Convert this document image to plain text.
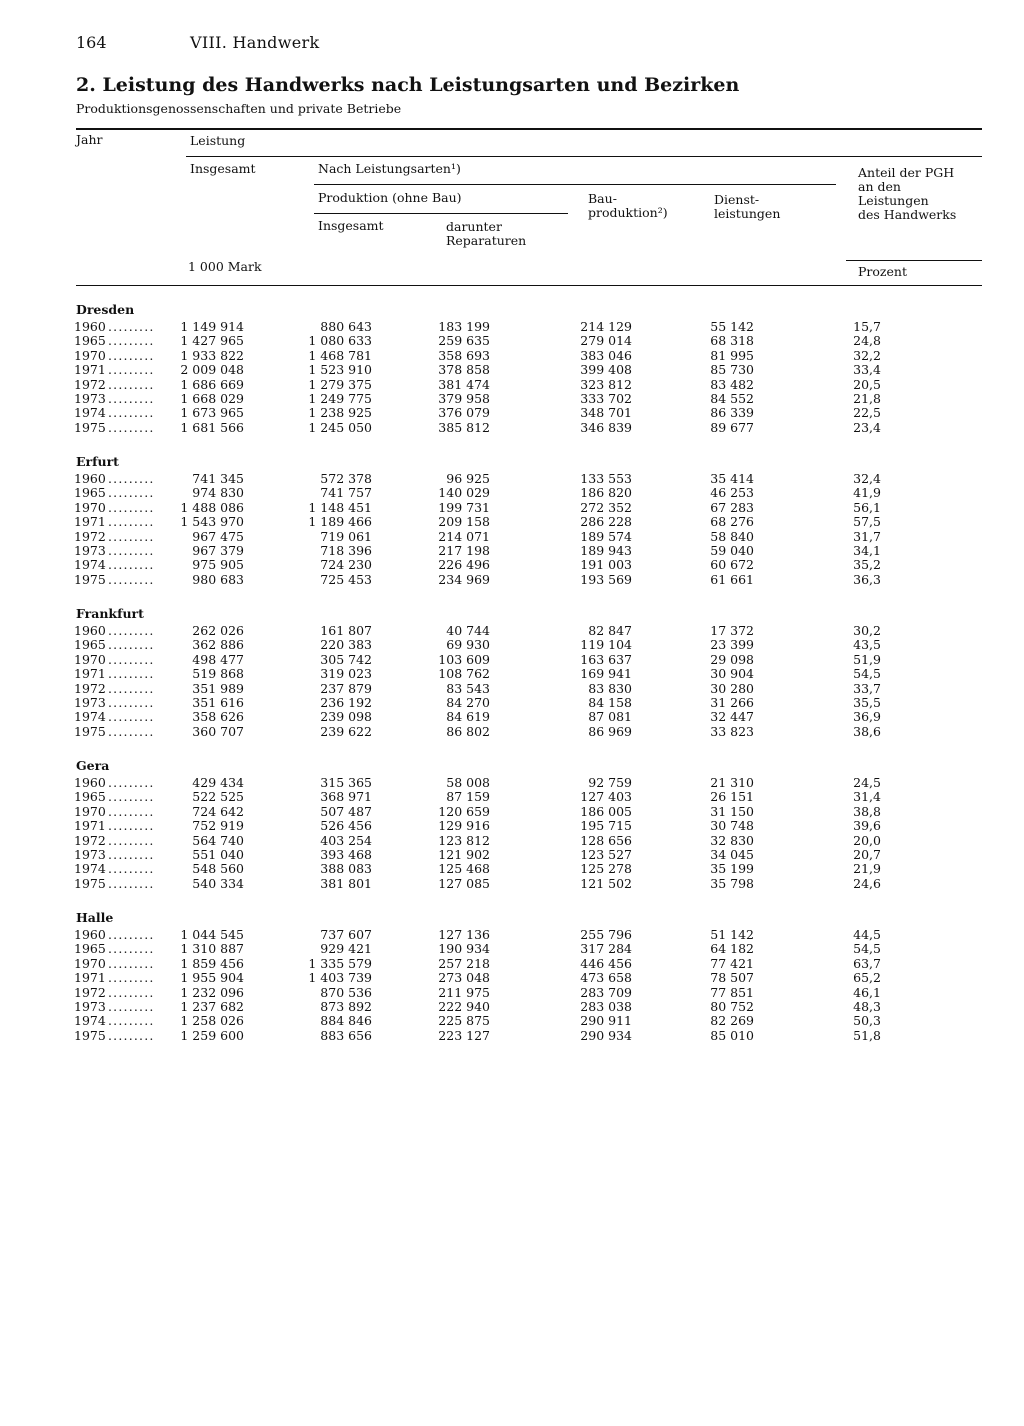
164	VIII. Handwerk
2. Leistung des Handwerks nach Leistungsarten und Bezirken
Produktionsgenossenschaften und private Betriebe
Jahr	Leistung
Insgesamt	Nach Leistungsarten¹)
Produktion (ohne Bau)
Insgesamt	darunter
Reparaturen
Bau-
produktion²)
Dienst-
leistungen
Anteil der PGH
an den
Leistungen
des Handwerks
1 000 Mark	Prozent
Dresden
1960 ......... 1 149 914	880 643	183 199	214 129	55 142	15,7
1965 ......... 1 427 965	1 080 633	259 635	279 014	68 318	24,8
1970 ......... 1 933 822	1 468 781	358 693	383 046	81 995	32,2
1971 ......... 2 009 048	1 523 910	378 858	399 408	85 730	33,4
1972 ......... 1 686 669	1 279 375	381 474	323 812	83 482	20,5
1973 ......... 1 668 029	1 249 775	379 958	333 702	84 552	21,8
1974 ......... 1 673 965	1 238 925	376 079	348 701	86 339	22,5
1975 ......... 1 681 566	1 245 050	385 812	346 839	89 677	23,4
Erfurt
1960 .........	741 345	572 378	96 925	133 553	35 414	32,4
1965 .........	974 830	741 757	140 029	186 820	46 253	41,9
1970 ......... 1 488 086	1 148 451	199 731	272 352	67 283	56,1
1971 ......... 1 543 970	1 189 466	209 158	286 228	68 276	57,5
1972 .........	967 475	719 061	214 071	189 574	58 840	31,7
1973 .........	967 379	718 396	217 198	189 943	59 040	34,1
1974 .........	975 905	724 230	226 496	191 003	60 672	35,2
1975 .........	980 683	725 453	234 969	193 569	61 661	36,3
Frankfurt
1960 .........	262 026	161 807	40 744	82 847	17 372	30,2
1965 .........	362 886	220 383	69 930	119 104	23 399	43,5
1970 .........	498 477	305 742	103 609	163 637	29 098	51,9
1971 .........	519 868	319 023	108 762	169 941	30 904	54,5
1972 .........	351 989	237 879	83 543	83 830	30 280	33,7
1973 .........	351 616	236 192	84 270	84 158	31 266	35,5
1974 .........	358 626	239 098	84 619	87 081	32 447	36,9
1975 .........	360 707	239 622	86 802	86 969	33 823	38,6
Gera
1960 .........	429 434	315 365	58 008	92 759	21 310	24,5
1965 .........	522 525	368 971	87 159	127 403	26 151	31,4
1970 .........	724 642	507 487	120 659	186 005	31 150	38,8
1971 .........	752 919	526 456	129 916	195 715	30 748	39,6
1972 .........	564 740	403 254	123 812	128 656	32 830	20,0
1973 .........	551 040	393 468	121 902	123 527	34 045	20,7
1974 .........	548 560	388 083	125 468	125 278	35 199	21,9
1975 .........	540 334	381 801	127 085	121 502	35 798	24,6
Halle
1960 ......... 1 044 545	737 607	127 136	255 796	51 142	44,5
1965 ......... 1 310 887	929 421	190 934	317 284	64 182	54,5
1970 ......... 1 859 456	1 335 579	257 218	446 456	77 421	63,7
1971 ......... 1 955 904	1 403 739	273 048	473 658	78 507	65,2
1972 ......... 1 232 096	870 536	211 975	283 709	77 851	46,1
1973 ......... 1 237 682	873 892	222 940	283 038	80 752	48,3
1974 ......... 1 258 026	884 846	225 875	290 911	82 269	50,3
1975 ......... 1 259 600	883 656	223 127	290 934	85 010	51,8
